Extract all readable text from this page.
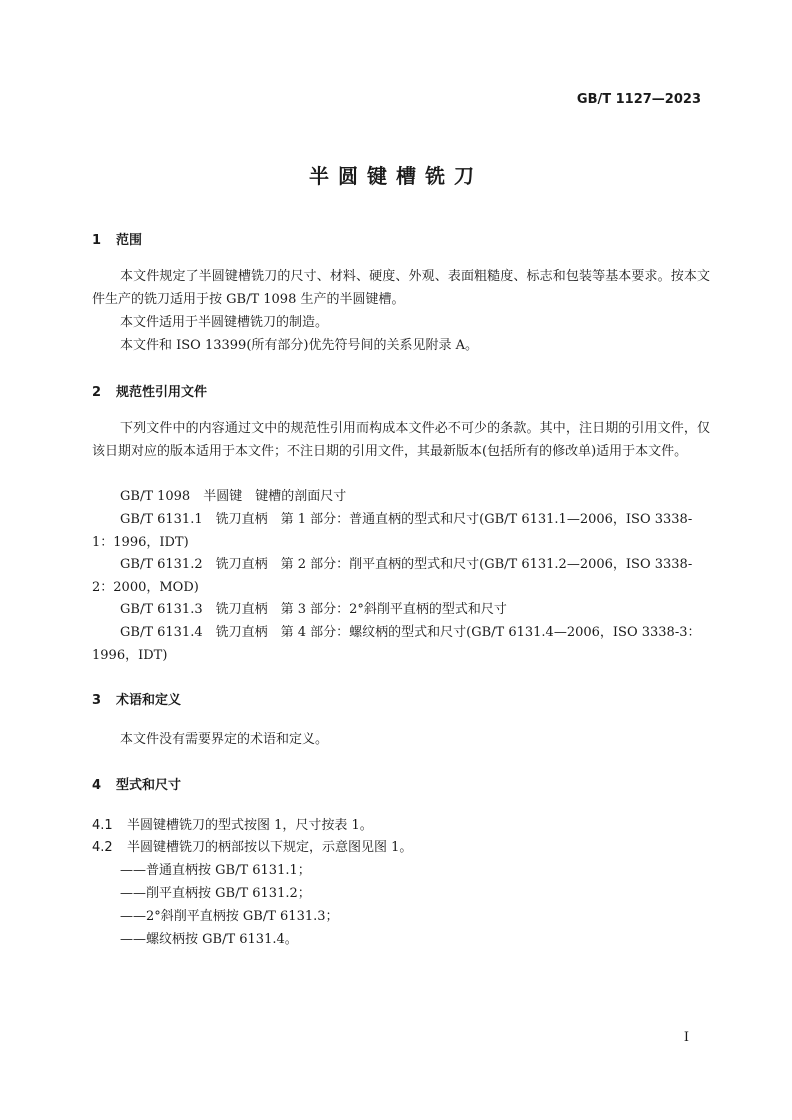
GB/T 1127—2023
半圆键槽铣刀
1 范围
本文件规定了半圆键槽铣刀的尺寸、材料、硬度、外观、表面粗糙度、标志和包装等基本要求。按本文件生产的铣刀适用于按 GB/T 1098 生产的半圆键槽。
本文件适用于半圆键槽铣刀的制造。
本文件和 ISO 13399(所有部分)优先符号间的关系见附录 A。
2 规范性引用文件
下列文件中的内容通过文中的规范性引用而构成本文件必不可少的条款。其中，注日期的引用文件，仅该日期对应的版本适用于本文件；不注日期的引用文件，其最新版本(包括所有的修改单)适用于本文件。
GB/T 1098　半圆键　键槽的剖面尺寸
GB/T 6131.1　铣刀直柄　第 1 部分：普通直柄的型式和尺寸(GB/T 6131.1—2006，ISO 3338-1：1996，IDT)
GB/T 6131.2　铣刀直柄　第 2 部分：削平直柄的型式和尺寸(GB/T 6131.2—2006，ISO 3338-2：2000，MOD)
GB/T 6131.3　铣刀直柄　第 3 部分：2°斜削平直柄的型式和尺寸
GB/T 6131.4　铣刀直柄　第 4 部分：螺纹柄的型式和尺寸(GB/T 6131.4—2006，ISO 3338-3：1996，IDT)
3 术语和定义
本文件没有需要界定的术语和定义。
4 型式和尺寸
4.1 半圆键槽铣刀的型式按图 1，尺寸按表 1。
4.2 半圆键槽铣刀的柄部按以下规定，示意图见图 1。
——普通直柄按 GB/T 6131.1；
——削平直柄按 GB/T 6131.2；
——2°斜削平直柄按 GB/T 6131.3；
——螺纹柄按 GB/T 6131.4。
I
